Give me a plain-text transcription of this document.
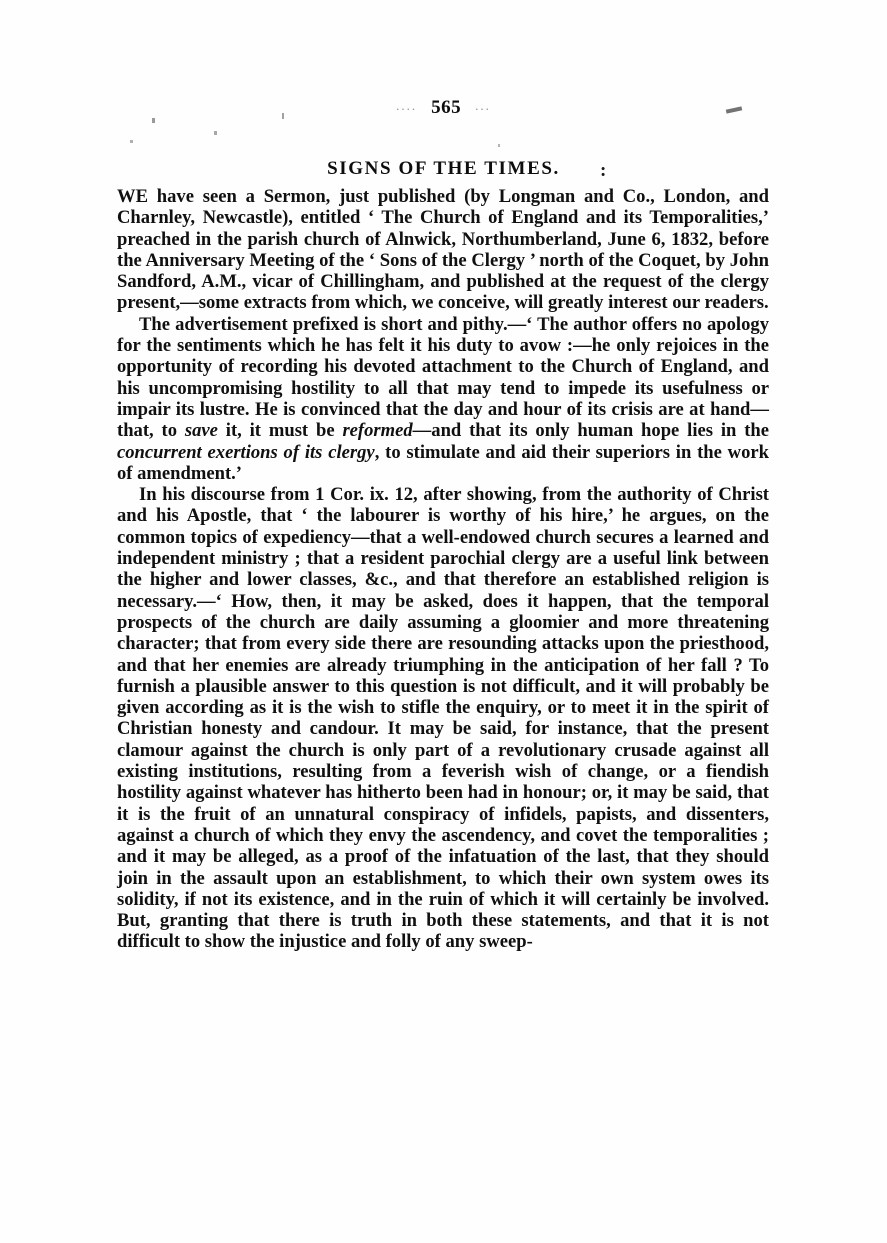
.... 565 ...
SIGNS OF THE TIMES.	:

WE have seen a Sermon, just published (by Longman and Co., London, and Charnley, Newcastle), entitled ‘ The Church of England and its Temporalities,’ preached in the parish church of Alnwick, Northumberland, June 6, 1832, before the Anniversary Meeting of the ‘ Sons of the Clergy ’ north of the Coquet, by John Sandford, A.M., vicar of Chillingham, and published at the request of the clergy present,—some extracts from which, we conceive, will greatly interest our readers.

The advertisement prefixed is short and pithy.—‘ The author offers no apology for the sentiments which he has felt it his duty to avow :—he only rejoices in the opportunity of recording his devoted attachment to the Church of England, and his uncompromising hostility to all that may tend to impede its usefulness or impair its lustre. He is convinced that the day and hour of its crisis are at hand—that, to save it, it must be reformed—and that its only human hope lies in the concurrent exertions of its clergy, to stimulate and aid their superiors in the work of amendment.’

In his discourse from 1 Cor. ix. 12, after showing, from the authority of Christ and his Apostle, that ‘ the labourer is worthy of his hire,’ he argues, on the common topics of expediency—that a well-endowed church secures a learned and independent ministry ; that a resident parochial clergy are a useful link between the higher and lower classes, &c., and that therefore an established religion is necessary.—‘ How, then, it may be asked, does it happen, that the temporal prospects of the church are daily assuming a gloomier and more threatening character; that from every side there are resounding attacks upon the priesthood, and that her enemies are already triumphing in the anticipation of her fall ? To furnish a plausible answer to this question is not difficult, and it will probably be given according as it is the wish to stifle the enquiry, or to meet it in the spirit of Christian honesty and candour. It may be said, for instance, that the present clamour against the church is only part of a revolutionary crusade against all existing institutions, resulting from a feverish wish of change, or a fiendish hostility against whatever has hitherto been had in honour; or, it may be said, that it is the fruit of an unnatural conspiracy of infidels, papists, and dissenters, against a church of which they envy the ascendency, and covet the temporalities ; and it may be alleged, as a proof of the infatuation of the last, that they should join in the assault upon an establishment, to which their own system owes its solidity, if not its existence, and in the ruin of which it will certainly be involved. But, granting that there is truth in both these statements, and that it is not difficult to show the injustice and folly of any sweep-
